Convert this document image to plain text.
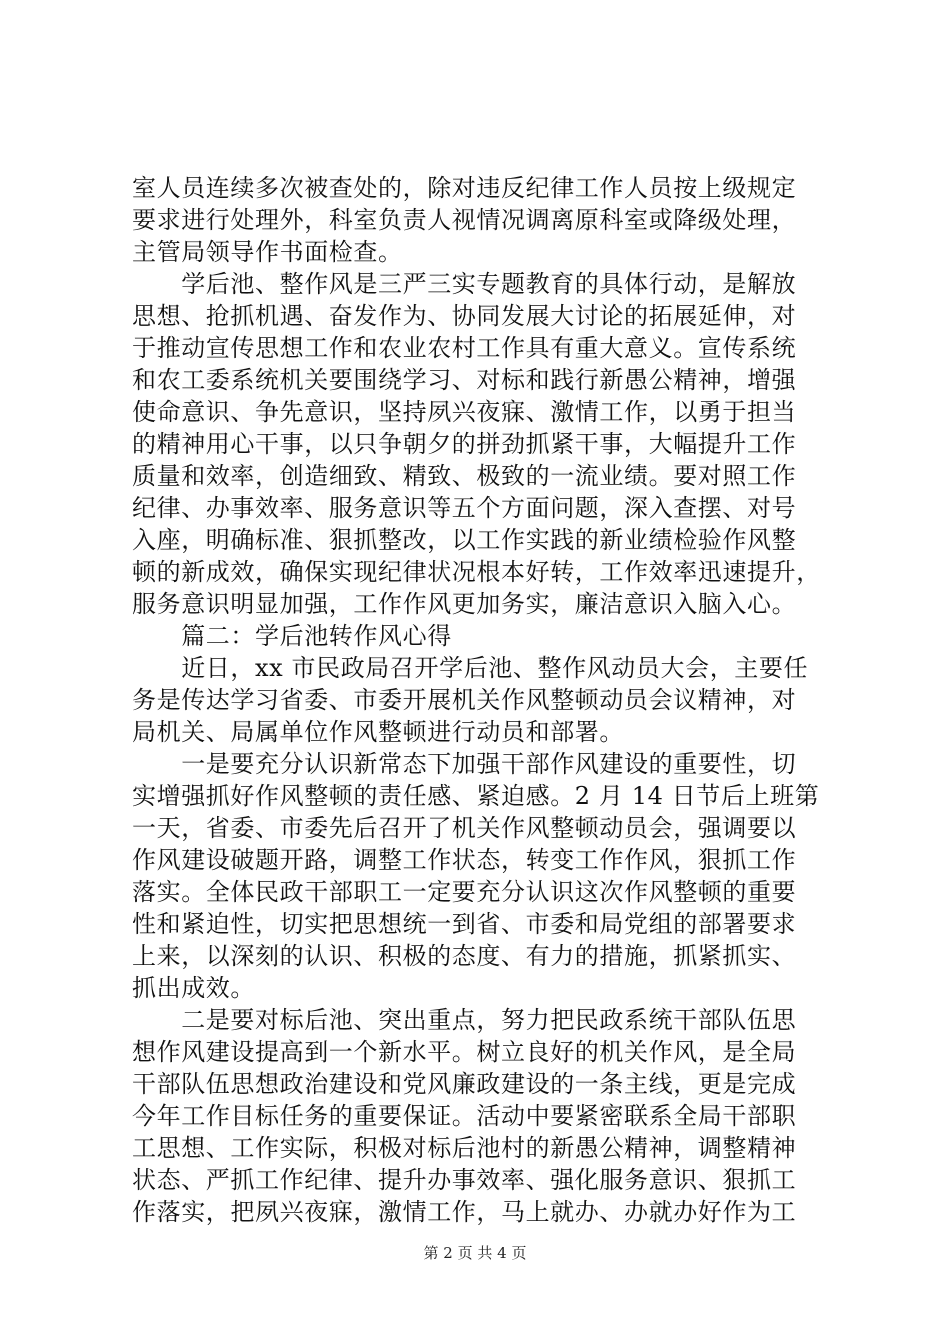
室人员连续多次被查处的，除对违反纪律工作人员按上级规定
要求进行处理外，科室负责人视情况调离原科室或降级处理，
主管局领导作书面检查。
　　学后池、整作风是三严三实专题教育的具体行动，是解放
思想、抢抓机遇、奋发作为、协同发展大讨论的拓展延伸，对
于推动宣传思想工作和农业农村工作具有重大意义。宣传系统
和农工委系统机关要围绕学习、对标和践行新愚公精神，增强
使命意识、争先意识，坚持夙兴夜寐、激情工作，以勇于担当
的精神用心干事，以只争朝夕的拼劲抓紧干事，大幅提升工作
质量和效率，创造细致、精致、极致的一流业绩。要对照工作
纪律、办事效率、服务意识等五个方面问题，深入查摆、对号
入座，明确标准、狠抓整改，以工作实践的新业绩检验作风整
顿的新成效，确保实现纪律状况根本好转，工作效率迅速提升，
服务意识明显加强，工作作风更加务实，廉洁意识入脑入心。
　　篇二：学后池转作风心得
　　近日，xx 市民政局召开学后池、整作风动员大会，主要任
务是传达学习省委、市委开展机关作风整顿动员会议精神，对
局机关、局属单位作风整顿进行动员和部署。
　　一是要充分认识新常态下加强干部作风建设的重要性，切
实增强抓好作风整顿的责任感、紧迫感。2 月 14 日节后上班第
一天，省委、市委先后召开了机关作风整顿动员会，强调要以
作风建设破题开路，调整工作状态，转变工作作风，狠抓工作
落实。全体民政干部职工一定要充分认识这次作风整顿的重要
性和紧迫性，切实把思想统一到省、市委和局党组的部署要求
上来，以深刻的认识、积极的态度、有力的措施，抓紧抓实、
抓出成效。
　　二是要对标后池、突出重点，努力把民政系统干部队伍思
想作风建设提高到一个新水平。树立良好的机关作风，是全局
干部队伍思想政治建设和党风廉政建设的一条主线，更是完成
今年工作目标任务的重要保证。活动中要紧密联系全局干部职
工思想、工作实际，积极对标后池村的新愚公精神，调整精神
状态、严抓工作纪律、提升办事效率、强化服务意识、狠抓工
作落实，把夙兴夜寐，激情工作，马上就办、办就办好作为工
第 2 页 共 4 页
